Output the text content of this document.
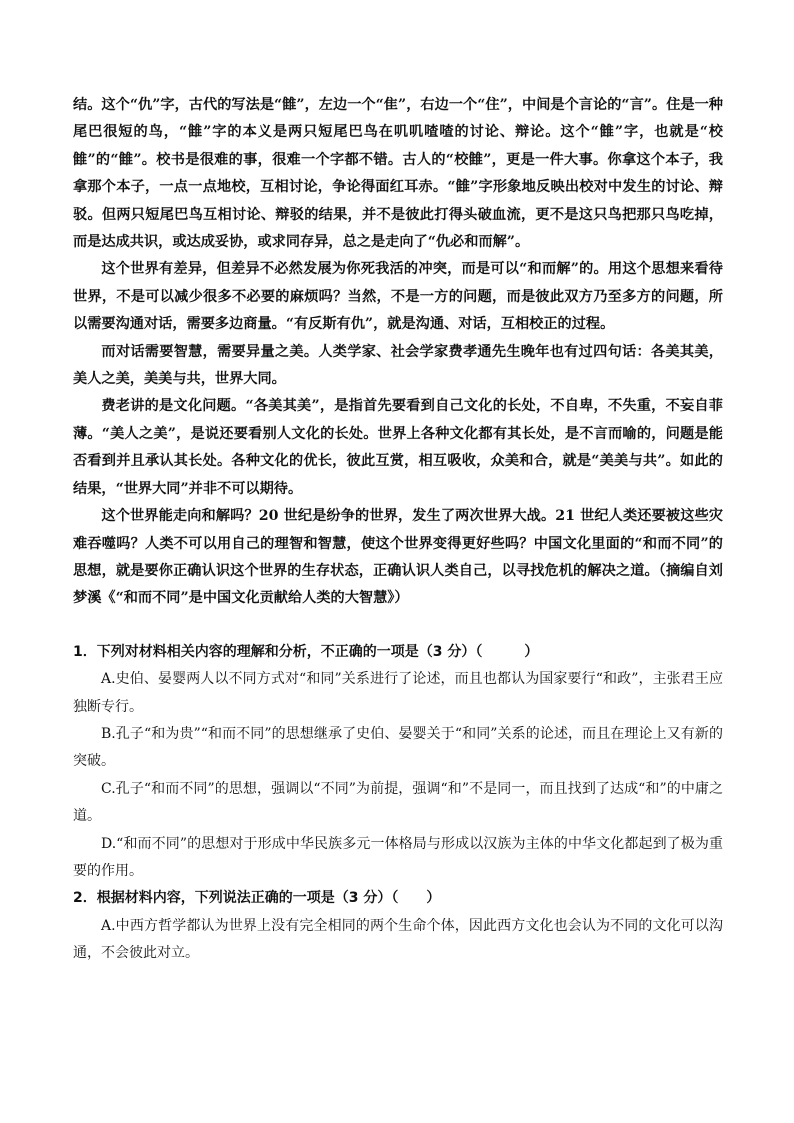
结。这个“仇”字，古代的写法是“雔”，左边一个“隹”，右边一个“住”，中间是个言论的“言”。住是一种尾巴很短的鸟，“雔”字的本义是两只短尾巴鸟在叽叽喳喳的讨论、辩论。这个“雔”字，也就是“校雔”的“雔”。校书是很难的事，很难一个字都不错。古人的“校雔”，更是一件大事。你拿这个本子，我拿那个本子，一点一点地校，互相讨论，争论得面红耳赤。“雔”字形象地反映出校对中发生的讨论、辩驳。但两只短尾巴鸟互相讨论、辩驳的结果，并不是彼此打得头破血流，更不是这只鸟把那只鸟吃掉，而是达成共识，或达成妥协，或求同存异，总之是走向了“仇必和而解”。

这个世界有差异，但差异不必然发展为你死我活的冲突，而是可以“和而解”的。用这个思想来看待世界，不是可以减少很多不必要的麻烦吗？当然，不是一方的问题，而是彼此双方乃至多方的问题，所以需要沟通对话，需要多边商量。“有反斯有仇”，就是沟通、对话，互相校正的过程。

而对话需要智慧，需要异量之美。人类学家、社会学家费孝通先生晚年也有过四句话：各美其美，美人之美，美美与共，世界大同。

费老讲的是文化问题。“各美其美”，是指首先要看到自己文化的长处，不自卑，不失重，不妄自菲薄。“美人之美”，是说还要看别人文化的长处。世界上各种文化都有其长处，是不言而喻的，问题是能否看到并且承认其长处。各种文化的优长，彼此互赏，相互吸收，众美和合，就是“美美与共”。如此的结果，“世界大同”并非不可以期待。

这个世界能走向和解吗？20 世纪是纷争的世界，发生了两次世界大战。21 世纪人类还要被这些灾难吞噬吗？人类不可以用自己的理智和智慧，使这个世界变得更好些吗？中国文化里面的“和而不同”的思想，就是要你正确认识这个世界的生存状态，正确认识人类自己，以寻找危机的解决之道。（摘编自刘梦溪《“和而不同”是中国文化贡献给人类的大智慧》）

1．下列对材料相关内容的理解和分析，不正确的一项是（3 分）（　　　）

A.史伯、晏婴两人以不同方式对“和同”关系进行了论述，而且也都认为国家要行“和政”，主张君王应独断专行。

B.孔子“和为贵”“和而不同”的思想继承了史伯、晏婴关于“和同”关系的论述，而且在理论上又有新的突破。

C.孔子“和而不同”的思想，强调以“不同”为前提，强调“和”不是同一，而且找到了达成“和”的中庸之道。

D.“和而不同”的思想对于形成中华民族多元一体格局与形成以汉族为主体的中华文化都起到了极为重要的作用。

2．根据材料内容，下列说法正确的一项是（3 分）（　　）

A.中西方哲学都认为世界上没有完全相同的两个生命个体，因此西方文化也会认为不同的文化可以沟通，不会彼此对立。
